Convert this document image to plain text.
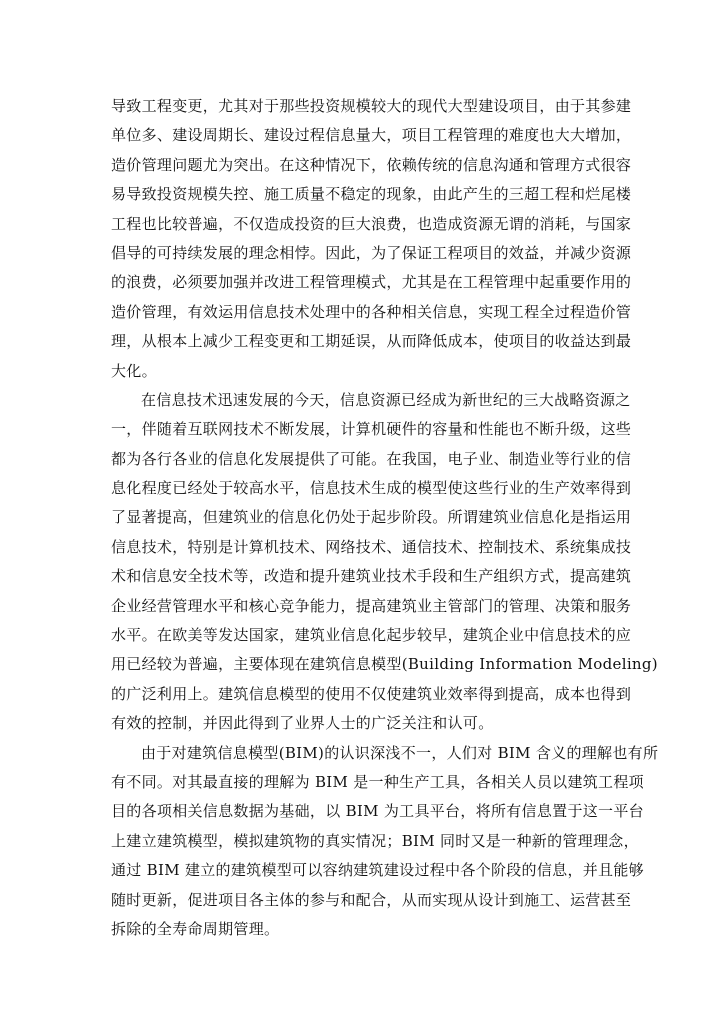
导致工程变更，尤其对于那些投资规模较大的现代大型建设项目，由于其参建
单位多、建设周期长、建设过程信息量大，项目工程管理的难度也大大增加，
造价管理问题尤为突出。在这种情况下，依赖传统的信息沟通和管理方式很容
易导致投资规模失控、施工质量不稳定的现象，由此产生的三超工程和烂尾楼
工程也比较普遍，不仅造成投资的巨大浪费，也造成资源无谓的消耗，与国家
倡导的可持续发展的理念相悖。因此，为了保证工程项目的效益，并减少资源
的浪费，必须要加强并改进工程管理模式，尤其是在工程管理中起重要作用的
造价管理，有效运用信息技术处理中的各种相关信息，实现工程全过程造价管
理，从根本上减少工程变更和工期延误，从而降低成本，使项目的收益达到最
大化。

在信息技术迅速发展的今天，信息资源已经成为新世纪的三大战略资源之
一，伴随着互联网技术不断发展，计算机硬件的容量和性能也不断升级，这些
都为各行各业的信息化发展提供了可能。在我国，电子业、制造业等行业的信
息化程度已经处于较高水平，信息技术生成的模型使这些行业的生产效率得到
了显著提高，但建筑业的信息化仍处于起步阶段。所谓建筑业信息化是指运用
信息技术，特别是计算机技术、网络技术、通信技术、控制技术、系统集成技
术和信息安全技术等，改造和提升建筑业技术手段和生产组织方式，提高建筑
企业经营管理水平和核心竞争能力，提高建筑业主管部门的管理、决策和服务
水平。在欧美等发达国家，建筑业信息化起步较早，建筑企业中信息技术的应
用已经较为普遍，主要体现在建筑信息模型(Building Information Modeling)
的广泛利用上。建筑信息模型的使用不仅使建筑业效率得到提高，成本也得到
有效的控制，并因此得到了业界人士的广泛关注和认可。

由于对建筑信息模型(BIM)的认识深浅不一，人们对 BIM 含义的理解也有所
有不同。对其最直接的理解为 BIM 是一种生产工具，各相关人员以建筑工程项
目的各项相关信息数据为基础，以 BIM 为工具平台，将所有信息置于这一平台
上建立建筑模型，模拟建筑物的真实情况；BIM 同时又是一种新的管理理念，
通过 BIM 建立的建筑模型可以容纳建筑建设过程中各个阶段的信息，并且能够
随时更新，促进项目各主体的参与和配合，从而实现从设计到施工、运营甚至
拆除的全寿命周期管理。
